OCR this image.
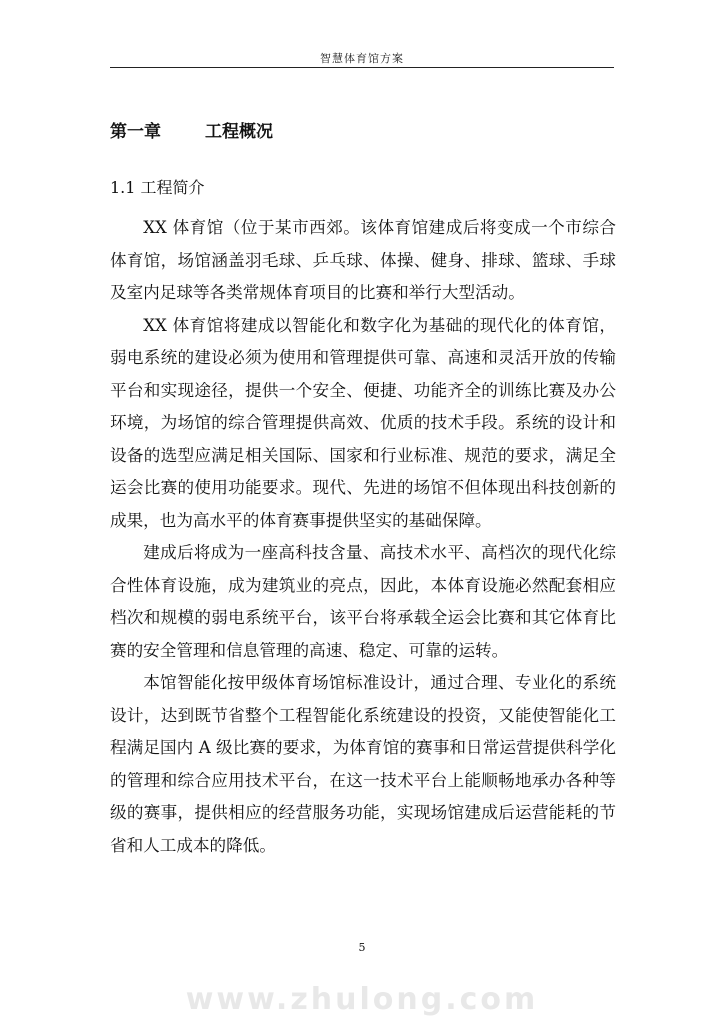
智慧体育馆方案
第一章	工程概况
1.1 工程简介

XX 体育馆（位于某市西郊。该体育馆建成后将变成一个市综合体育馆，场馆涵盖羽毛球、乒乓球、体操、健身、排球、篮球、手球及室内足球等各类常规体育项目的比赛和举行大型活动。

XX 体育馆将建成以智能化和数字化为基础的现代化的体育馆，弱电系统的建设必须为使用和管理提供可靠、高速和灵活开放的传输平台和实现途径，提供一个安全、便捷、功能齐全的训练比赛及办公环境，为场馆的综合管理提供高效、优质的技术手段。系统的设计和设备的选型应满足相关国际、国家和行业标准、规范的要求，满足全运会比赛的使用功能要求。现代、先进的场馆不但体现出科技创新的成果，也为高水平的体育赛事提供坚实的基础保障。

建成后将成为一座高科技含量、高技术水平、高档次的现代化综合性体育设施，成为建筑业的亮点，因此，本体育设施必然配套相应档次和规模的弱电系统平台，该平台将承载全运会比赛和其它体育比赛的安全管理和信息管理的高速、稳定、可靠的运转。

本馆智能化按甲级体育场馆标准设计，通过合理、专业化的系统设计，达到既节省整个工程智能化系统建设的投资，又能使智能化工程满足国内 A 级比赛的要求，为体育馆的赛事和日常运营提供科学化的管理和综合应用技术平台，在这一技术平台上能顺畅地承办各种等级的赛事，提供相应的经营服务功能，实现场馆建成后运营能耗的节省和人工成本的降低。

5
www.zhulong.com
